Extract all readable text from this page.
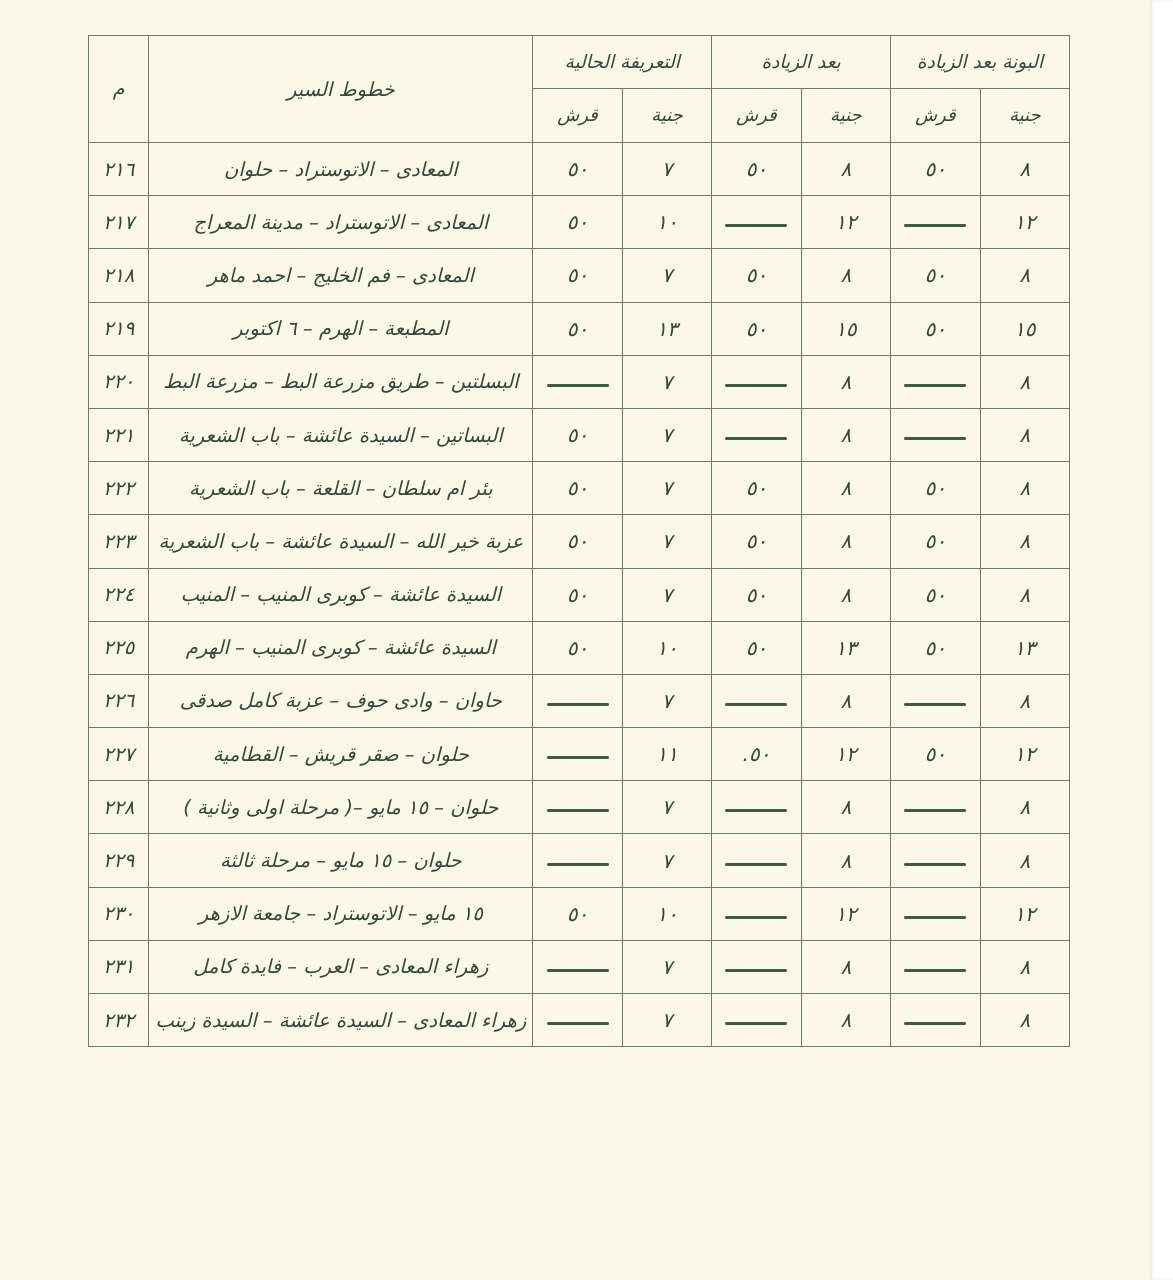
البونة بعد الزيادة		بعد الزيادة		التعريفة الحالية		خطوط السير	م
جنية	قرش	جنية	قرش	جنية	قرش		
٨	٥٠	٨	٥٠	٧	٥٠	المعادى – الاتوستراد – حلوان	٢١٦
١٢		١٢		١٠	٥٠	المعادى – الاتوستراد – مدينة المعراج	٢١٧
٨	٥٠	٨	٥٠	٧	٥٠	المعادى – فم الخليج – احمد ماهر	٢١٨
١٥	٥٠	١٥	٥٠	١٣	٥٠	المطبعة – الهرم – ٦ اكتوبر	٢١٩
٨		٨		٧		البسلتين – طريق مزرعة البط – مزرعة البط	٢٢٠
٨		٨		٧	٥٠	البساتين – السيدة عائشة – باب الشعرية	٢٢١
٨	٥٠	٨	٥٠	٧	٥٠	بئر ام سلطان – القلعة – باب الشعرية	٢٢٢
٨	٥٠	٨	٥٠	٧	٥٠	عزبة خير الله – السيدة عائشة – باب الشعرية	٢٢٣
٨	٥٠	٨	٥٠	٧	٥٠	السيدة عائشة – كوبرى المنيب – المنيب	٢٢٤
١٣	٥٠	١٣	٥٠	١٠	٥٠	السيدة عائشة – كوبرى المنيب – الهرم	٢٢٥
٨		٨		٧		حاوان – وادى حوف – عزبة كامل صدقى	٢٢٦
١٢	٥٠	١٢	٥٠.	١١		حلوان – صقر قريش – القطامية	٢٢٧
٨		٨		٧		حلوان – ١٥ مايو –( مرحلة اولى وثانية )	٢٢٨
٨		٨		٧		حلوان – ١٥ مايو – مرحلة ثالثة	٢٢٩
١٢		١٢		١٠	٥٠	١٥ مايو – الاتوستراد – جامعة الازهر	٢٣٠
٨		٨		٧		زهراء المعادى – العرب – فايدة كامل	٢٣١
٨		٨		٧		زهراء المعادى – السيدة عائشة – السيدة زينب	٢٣٢
